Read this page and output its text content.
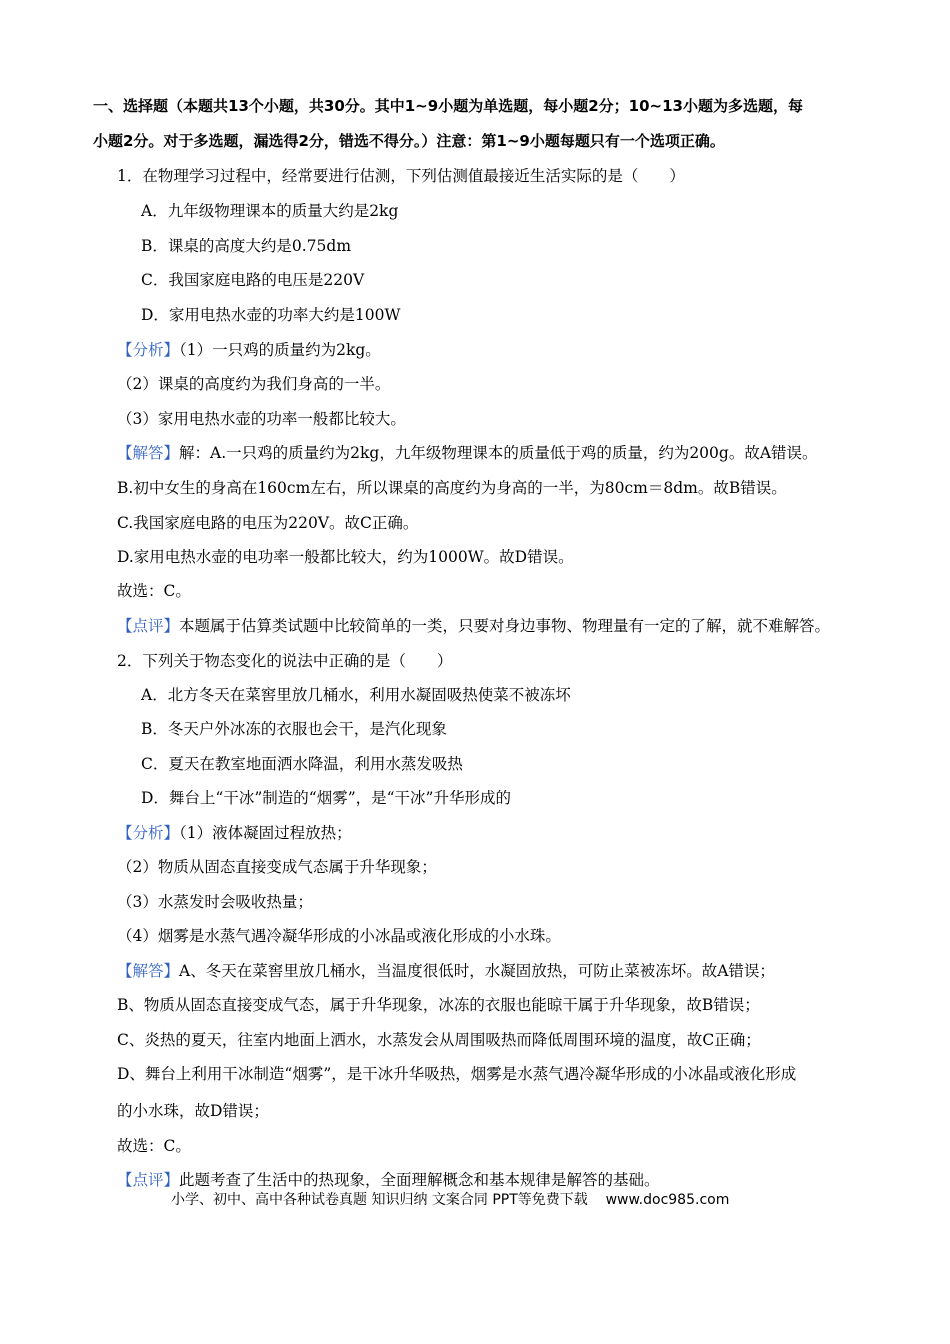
一、选择题（本题共13个小题，共30分。其中1~9小题为单选题，每小题2分；10~13小题为多选题，每
小题2分。对于多选题，漏选得2分，错选不得分。）注意：第1~9小题每题只有一个选项正确。
1．在物理学习过程中，经常要进行估测，下列估测值最接近生活实际的是（　　）
A．九年级物理课本的质量大约是2kg
B．课桌的高度大约是0.75dm
C．我国家庭电路的电压是220V
D．家用电热水壶的功率大约是100W
【分析】（1）一只鸡的质量约为2kg。
（2）课桌的高度约为我们身高的一半。
（3）家用电热水壶的功率一般都比较大。
【解答】解：A.一只鸡的质量约为2kg，九年级物理课本的质量低于鸡的质量，约为200g。故A错误。
B.初中女生的身高在160cm左右，所以课桌的高度约为身高的一半，为80cm＝8dm。故B错误。
C.我国家庭电路的电压为220V。故C正确。
D.家用电热水壶的电功率一般都比较大，约为1000W。故D错误。
故选：C。
【点评】本题属于估算类试题中比较简单的一类，只要对身边事物、物理量有一定的了解，就不难解答。
2．下列关于物态变化的说法中正确的是（　　）
A．北方冬天在菜窖里放几桶水，利用水凝固吸热使菜不被冻坏
B．冬天户外冰冻的衣服也会干，是汽化现象
C．夏天在教室地面洒水降温，利用水蒸发吸热
D．舞台上“干冰”制造的“烟雾”，是“干冰”升华形成的
【分析】（1）液体凝固过程放热；
（2）物质从固态直接变成气态属于升华现象；
（3）水蒸发时会吸收热量；
（4）烟雾是水蒸气遇冷凝华形成的小冰晶或液化形成的小水珠。
【解答】A、冬天在菜窖里放几桶水，当温度很低时，水凝固放热，可防止菜被冻坏。故A错误；
B、物质从固态直接变成气态，属于升华现象，冰冻的衣服也能晾干属于升华现象，故B错误；
C、炎热的夏天，往室内地面上洒水，水蒸发会从周围吸热而降低周围环境的温度，故C正确；
D、舞台上利用干冰制造“烟雾”，是干冰升华吸热，烟雾是水蒸气遇冷凝华形成的小冰晶或液化形成
的小水珠，故D错误；
故选：C。
【点评】此题考查了生活中的热现象，全面理解概念和基本规律是解答的基础。
小学、初中、高中各种试卷真题 知识归纳 文案合同 PPT等免费下载 www.doc985.com
